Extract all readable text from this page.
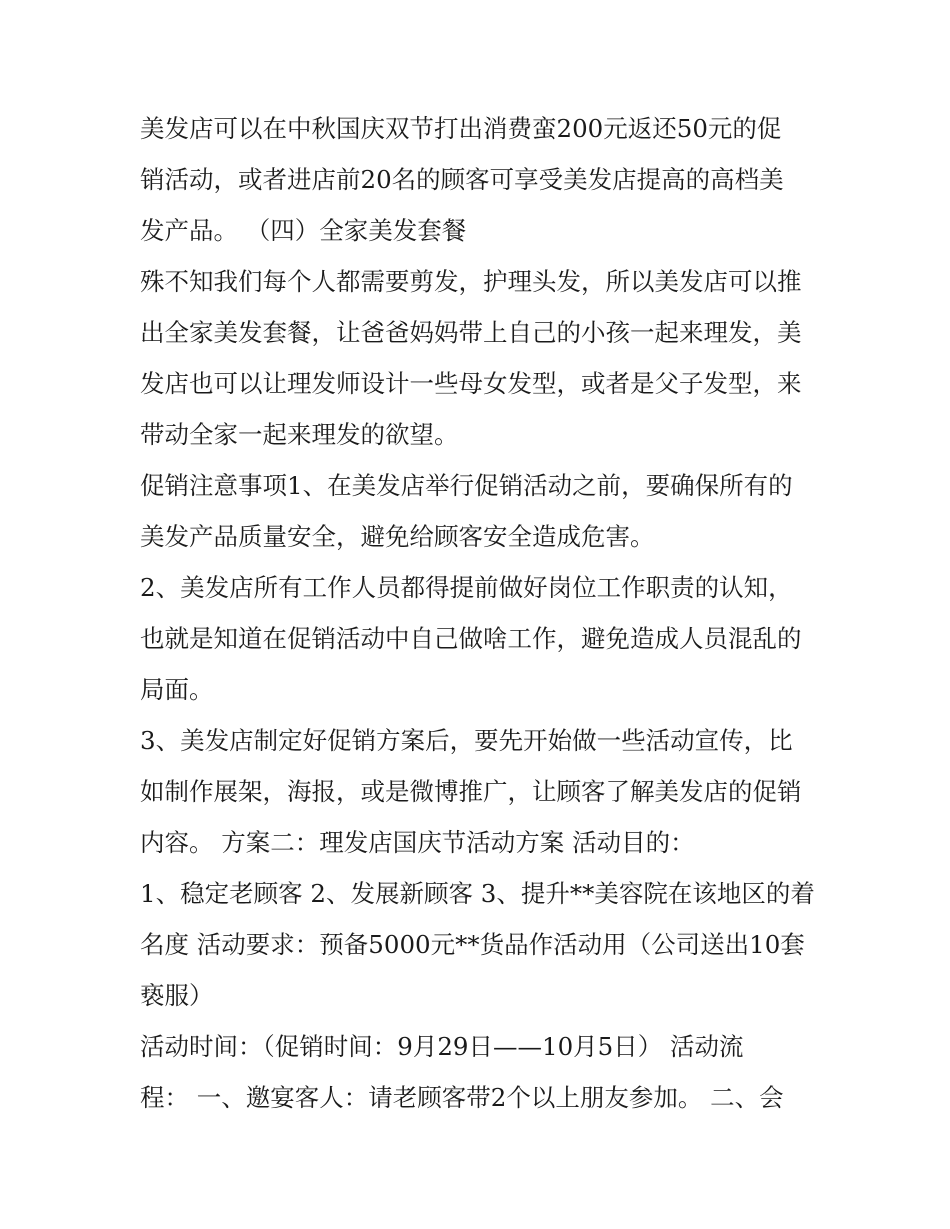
美发店可以在中秋国庆双节打出消费蛮200元返还50元的促
销活动，或者进店前20名的顾客可享受美发店提高的高档美
发产品。 （四）全家美发套餐
殊不知我们每个人都需要剪发，护理头发，所以美发店可以推
出全家美发套餐，让爸爸妈妈带上自己的小孩一起来理发，美
发店也可以让理发师设计一些母女发型，或者是父子发型，来
带动全家一起来理发的欲望。
促销注意事项1、在美发店举行促销活动之前，要确保所有的
美发产品质量安全，避免给顾客安全造成危害。
2、美发店所有工作人员都得提前做好岗位工作职责的认知，
也就是知道在促销活动中自己做啥工作，避免造成人员混乱的
局面。
3、美发店制定好促销方案后，要先开始做一些活动宣传，比
如制作展架，海报，或是微博推广，让顾客了解美发店的促销
内容。 方案二：理发店国庆节活动方案 活动目的：
1、稳定老顾客 2、发展新顾客 3、提升**美容院在该地区的着
名度 活动要求：预备5000元**货品作活动用（公司送出10套
亵服）
活动时间：（促销时间：9月29日——10月5日） 活动流
程： 一、邀宴客人：请老顾客带2个以上朋友参加。 二、会
